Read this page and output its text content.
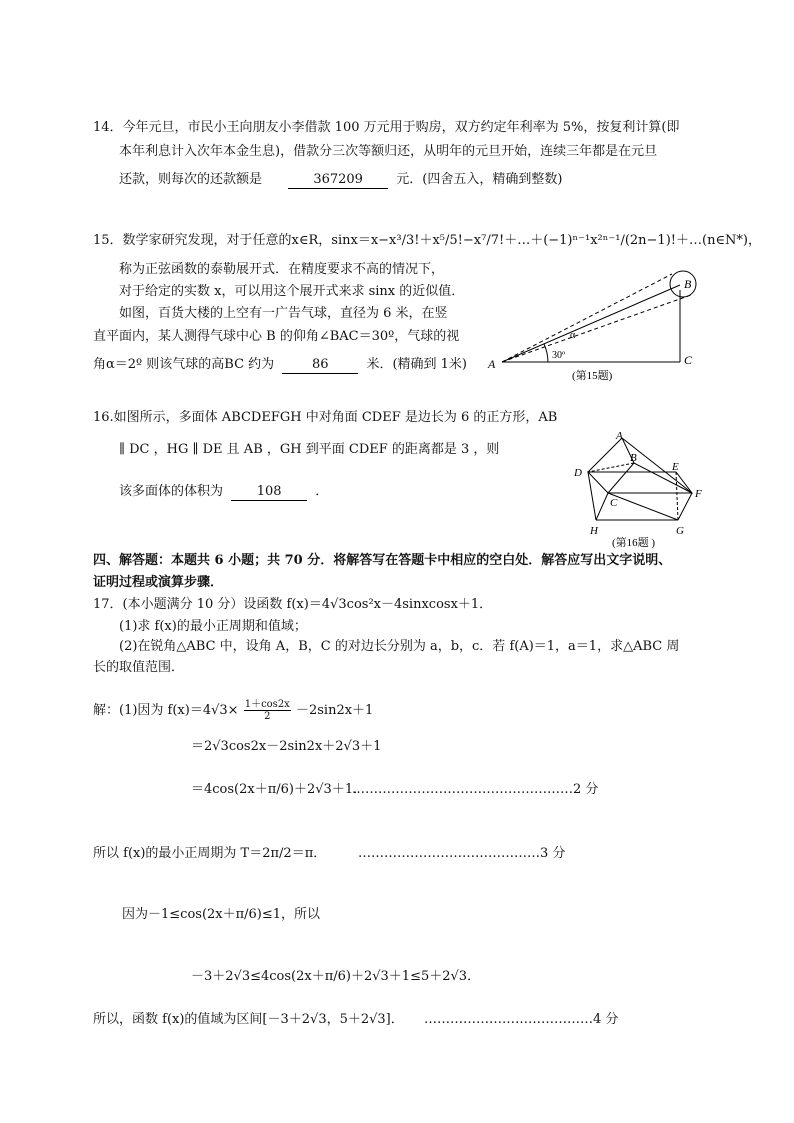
14．今年元旦，市民小王向朋友小李借款 100 万元用于购房，双方约定年利率为 5%，按复利计算(即
本年利息计入次年本金生息)，借款分三次等额归还，从明年的元旦开始，连续三年都是在元旦
还款，则每次的还款额是	367209	元．(四舍五入，精确到整数)
15．数学家研究发现，对于任意的x∈R，sinx＝x−x³/3!＋x⁵/5!−x⁷/7!＋…＋(−1)ⁿ⁻¹x²ⁿ⁻¹/(2n−1)!＋…(n∈N*)，
称为正弦函数的泰勒展开式．在精度要求不高的情况下，
对于给定的实数 x，可以用这个展开式来求 sinx 的近似值．
如图，百货大楼的上空有一广告气球，直径为 6 米，在竖
直平面内，某人测得气球中心 B 的仰角∠BAC＝30º，气球的视
角α＝2º 则该气球的高BC 约为	86	米．(精确到 1米) A
B
C
α
30º
(第15题)
16.如图所示，多面体 ABCDEFGH 中对角面 CDEF 是边长为 6 的正方形，AB
∥ DC ，HG ∥ DE 且 AB ，GH 到平面 CDEF 的距离都是 3 ，则
该多面体的体积为	108	．
A
B
C
D	E
F
G
H
(第16题 )
四、解答题：本题共 6 小题；共 70 分．将解答写在答题卡中相应的空白处．解答应写出文字说明、
证明过程或演算步骤．
17．(本小题满分 10 分）设函数 f(x)＝4√3cos²x－4sinxcosx＋1．
(1)求 f(x)的最小正周期和值域；
(2)在锐角△ABC 中，设角 A，B，C 的对边长分别为 a，b，c．若 f(A)＝1，a＝1，求△ABC 周
长的取值范围．
解：(1)因为 $f(x)=4√3\times \frac{1+\cos 2x}{2} -2\sin 2x+1$
＝2√3cos2x－2sin2x＋2√3＋1
＝4cos(2x＋π/6)＋2√3＋1．
……………………………………………2 分
所以 f(x)的最小正周期为 T＝2π/2＝π． ……………………………………3 分
因为－1≤cos(2x＋π/6)≤1，所以
－3＋2√3≤4cos(2x＋π/6)＋2√3＋1≤5＋2√3．
所以，函数 f(x)的值域为区间[－3＋2√3，5＋2√3]． …………………………………4 分
